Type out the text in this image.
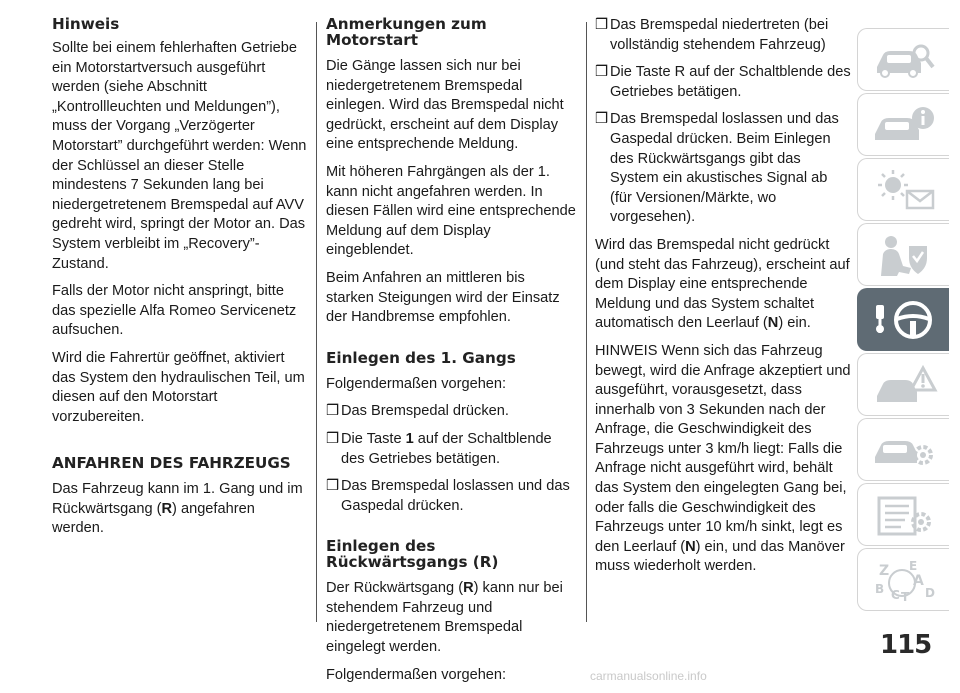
Hinweis

Sollte bei einem fehlerhaften Getriebe ein Motorstartversuch ausgeführt werden (siehe Abschnitt „Kontrollleuchten und Meldungen”), muss der Vorgang „Verzögerter Motorstart” durchgeführt werden: Wenn der Schlüssel an dieser Stelle mindestens 7 Sekunden lang bei niedergetretenem Bremspedal auf AVV gedreht wird, springt der Motor an. Das System verbleibt im „Recovery”-Zustand.

Falls der Motor nicht anspringt, bitte das spezielle Alfa Romeo Servicenetz aufsuchen.

Wird die Fahrertür geöffnet, aktiviert das System den hydraulischen Teil, um diesen auf den Motorstart vorzubereiten.

ANFAHREN DES FAHRZEUGS

Das Fahrzeug kann im 1. Gang und im Rückwärtsgang (R) angefahren werden.

Anmerkungen zum Motorstart

Die Gänge lassen sich nur bei niedergetretenem Bremspedal einlegen. Wird das Bremspedal nicht gedrückt, erscheint auf dem Display eine entsprechende Meldung.

Mit höheren Fahrgängen als der 1. kann nicht angefahren werden. In diesen Fällen wird eine entsprechende Meldung auf dem Display eingeblendet.

Beim Anfahren an mittleren bis starken Steigungen wird der Einsatz der Handbremse empfohlen.

Einlegen des 1. Gangs

Folgendermaßen vorgehen:

❒ Das Bremspedal drücken.
❒ Die Taste 1 auf der Schaltblende des Getriebes betätigen.
❒ Das Bremspedal loslassen und das Gaspedal drücken.
Einlegen des Rückwärtsgangs (R)

Der Rückwärtsgang (R) kann nur bei stehendem Fahrzeug und niedergetretenem Bremspedal eingelegt werden.

Folgendermaßen vorgehen:

❒ Das Bremspedal niedertreten (bei vollständig stehendem Fahrzeug)
❒ Die Taste R auf der Schaltblende des Getriebes betätigen.
❒ Das Bremspedal loslassen und das Gaspedal drücken. Beim Einlegen des Rückwärtsgangs gibt das System ein akustisches Signal ab (für Versionen/Märkte, wo vorgesehen).

Wird das Bremspedal nicht gedrückt (und steht das Fahrzeug), erscheint auf dem Display eine entsprechende Meldung und das System schaltet automatisch den Leerlauf (N) ein.

HINWEIS Wenn sich das Fahrzeug bewegt, wird die Anfrage akzeptiert und ausgeführt, vorausgesetzt, dass innerhalb von 3 Sekunden nach der Anfrage, die Geschwindigkeit des Fahrzeugs unter 3 km/h liegt: Falls die Anfrage nicht ausgeführt wird, behält das System den eingelegten Gang bei, oder falls die Geschwindigkeit des Fahrzeugs unter 10 km/h sinkt, legt es den Leerlauf (N) ein, und das Manöver muss wiederholt werden.	Z E
A
B C T D
115
carmanualsonline.info
